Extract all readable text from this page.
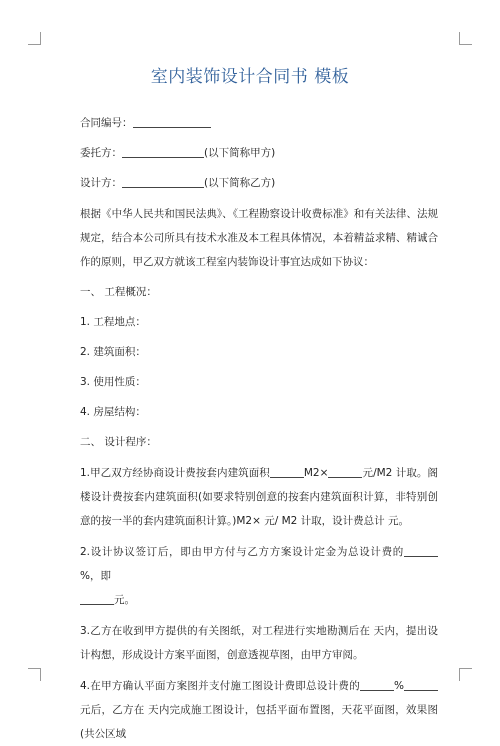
室内装饰设计合同书 模板
合同编号：
委托方：	(以下简称甲方)
设计方：	(以下简称乙方)
根据《中华人民共和国民法典》、《工程勘察设计收费标准》和有关法律、法规规定，结合本公司所具有技术水准及本工程具体情况，本着精益求精、精诚合作的原则，甲乙双方就该工程室内装饰设计事宜达成如下协议：
一、 工程概况：
1. 工程地点：
2. 建筑面积：
3. 使用性质：
4. 房屋结构：
二、 设计程序：
1.甲乙双方经协商设计费按套内建筑面积	M2×	元/M2 计取。阁楼设计费按套内建筑面积(如要求特别创意的按套内建筑面积计算，非特别创意的按一半的套内建筑面积计算。)M2× 元/ M2 计取，设计费总计 元。
2.设计协议签订后，即由甲方付与乙方方案设计定金为总设计费的%，即
元。
3.乙方在收到甲方提供的有关图纸，对工程进行实地勘测后在 天内，提出设计构想，形成设计方案平面图，创意透视草图，由甲方审阅。
4.在甲方确认平面方案图并支付施工图设计费即总设计费的	%元后，乙方在 天内完成施工图设计，包括平面布置图，天花平面图，效果图(共公区域
